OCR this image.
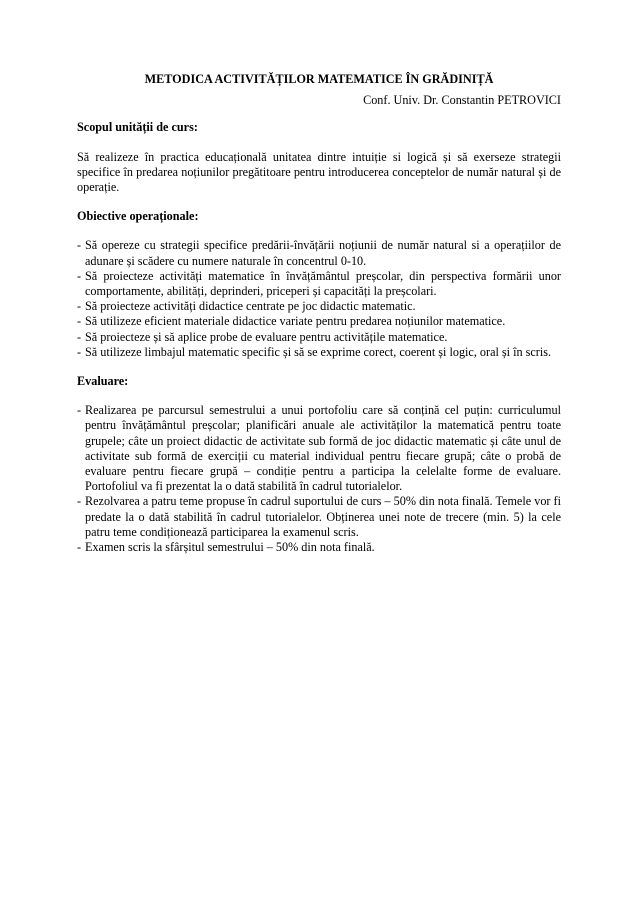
METODICA ACTIVITĂȚILOR MATEMATICE ÎN GRĂDINIȚĂ

Conf. Univ. Dr. Constantin PETROVICI

Scopul unității de curs:

Să realizeze în practica educațională unitatea dintre intuiție si logică și să exerseze strategii specifice în predarea noțiunilor pregătitoare pentru introducerea conceptelor de număr natural și de operație.

Obiective operaționale:

- Să opereze cu strategii specifice predării-învățării noțiunii de număr natural si a operațiilor de adunare și scădere cu numere naturale în concentrul 0-10.
- Să proiecteze activități matematice în învățământul preșcolar, din perspectiva formării unor comportamente, abilități, deprinderi, priceperi și capacități la preșcolari.
- Să proiecteze activități didactice centrate pe joc didactic matematic.
- Să utilizeze eficient materiale didactice variate pentru predarea noțiunilor matematice.
- Să proiecteze și să aplice probe de evaluare pentru activitățile matematice.
- Să utilizeze limbajul matematic specific și să se exprime corect, coerent și logic, oral și în scris.

Evaluare:

- Realizarea pe parcursul semestrului a unui portofoliu care să conțină cel puțin: curriculumul pentru învățământul preșcolar; planificări anuale ale activităților la matematică pentru toate grupele; câte un proiect didactic de activitate sub formă de joc didactic matematic și câte unul de activitate sub formă de exerciții cu material individual pentru fiecare grupă; câte o probă de evaluare pentru fiecare grupă – condiție pentru a participa la celelalte forme de evaluare. Portofoliul va fi prezentat la o dată stabilită în cadrul tutorialelor.
- Rezolvarea a patru teme propuse în cadrul suportului de curs – 50% din nota finală. Temele vor fi predate la o dată stabilită în cadrul tutorialelor. Obținerea unei note de trecere (min. 5) la cele patru teme condiționează participarea la examenul scris.
- Examen scris la sfârșitul semestrului – 50% din nota finală.
